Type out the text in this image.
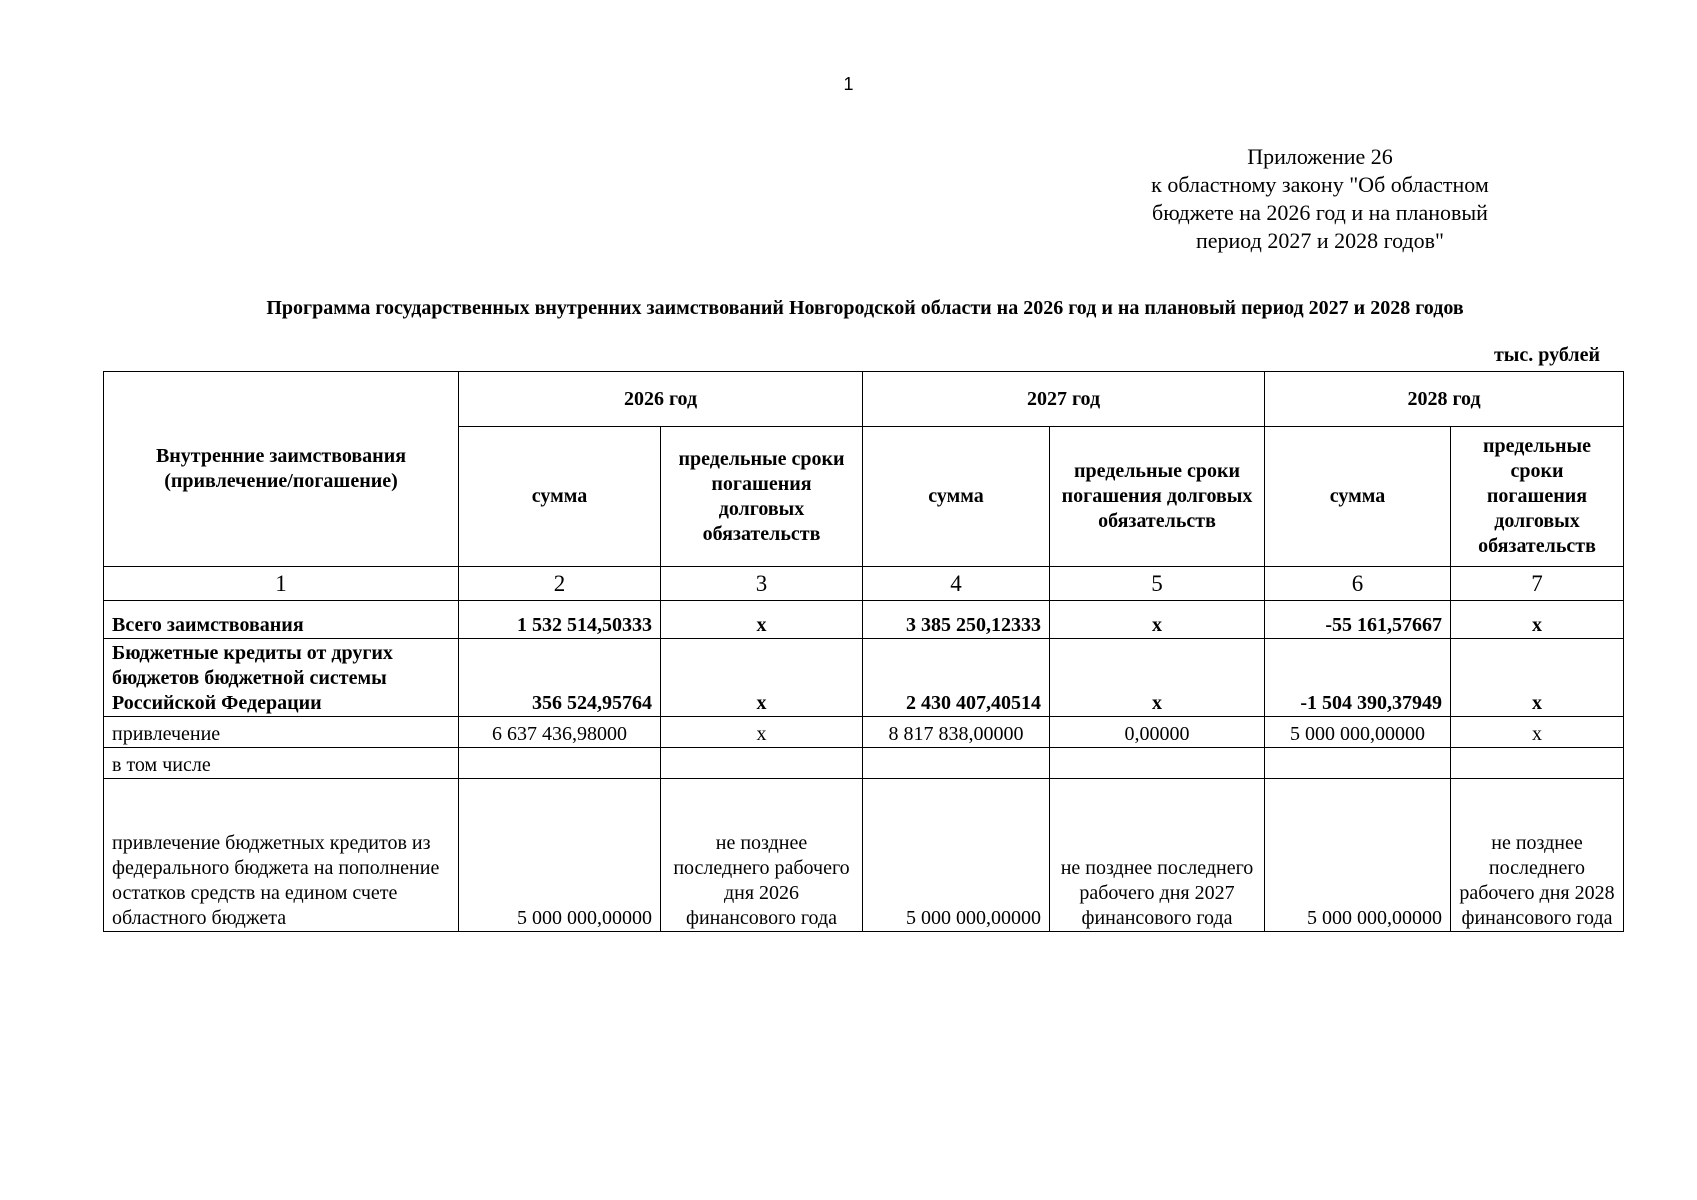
1
Приложение 26
к областному закону "Об областном
бюджете на 2026 год и на плановый
период 2027 и 2028 годов"
Программа государственных внутренних заимствований Новгородской области на 2026 год и на плановый период 2027 и 2028 годов
тыс. рублей
Внутренние заимствования (привлечение/погашение)	2026 год		2027 год		2028 год	
	сумма	предельные сроки погашения долговых обязательств	сумма	предельные сроки погашения долговых обязательств	сумма	предельные сроки погашения долговых обязательств
1	2	3	4	5	6	7
Всего заимствования	1 532 514,50333	х	3 385 250,12333	х	-55 161,57667	х
Бюджетные кредиты от других бюджетов бюджетной системы Российской Федерации	356 524,95764	х	2 430 407,40514	х	-1 504 390,37949	х
привлечение	6 637 436,98000	х	8 817 838,00000	0,00000	5 000 000,00000	х
в том числе						
привлечение бюджетных кредитов из федерального бюджета на пополнение остатков средств на едином счете областного бюджета	5 000 000,00000	не позднее последнего рабочего дня 2026 финансового года	5 000 000,00000	не позднее последнего рабочего дня 2027 финансового года	5 000 000,00000	не позднее последнего рабочего дня 2028 финансового года
